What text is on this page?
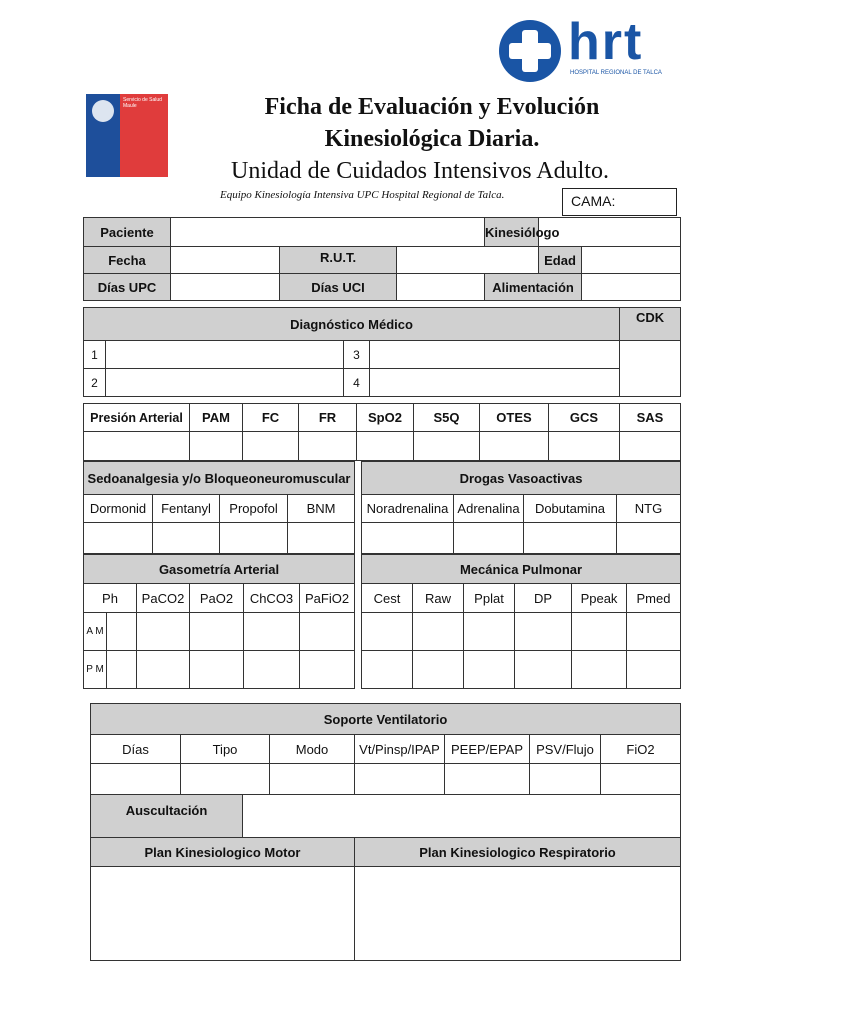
Servicio de Salud Maule
hrt
HOSPITAL REGIONAL DE TALCA
Ficha de Evaluación y Evolución
Kinesiológica Diaria.
Unidad de Cuidados Intensivos Adulto.
Equipo Kinesiología Intensiva UPC Hospital Regional de Talca.	CAMA:
Paciente				Kinesiólogo		
Fecha		R.U.T.			Edad	
Días UPC		Días UCI		Alimentación		
Diagnóstico Médico				CDK
1		3		
2		4		
Presión Arterial	PAM	FC	FR	SpO2	S5Q	OTES	GCS	SAS

Sedoanalgesia y/o Bloqueoneuromuscular			
Dormonid	Fentanyl	Propofol	BNM

Drogas Vasoactivas			
Noradrenalina	Adrenalina	Dobutamina	NTG

Gasometría Arterial					
Ph		PaCO2	PaO2	ChCO3	PaFiO2
A M					
P M					
Mecánica Pulmonar					
Cest	Raw	Pplat	DP	Ppeak	Pmed

Soporte Ventilatorio							
Días	Tipo		Modo	Vt/Pinsp/IPAP	PEEP/EPAP	PSV/Flujo	FiO2

Auscultación							
Plan Kinesiologico Motor				Plan Kinesiologico Respiratorio			
